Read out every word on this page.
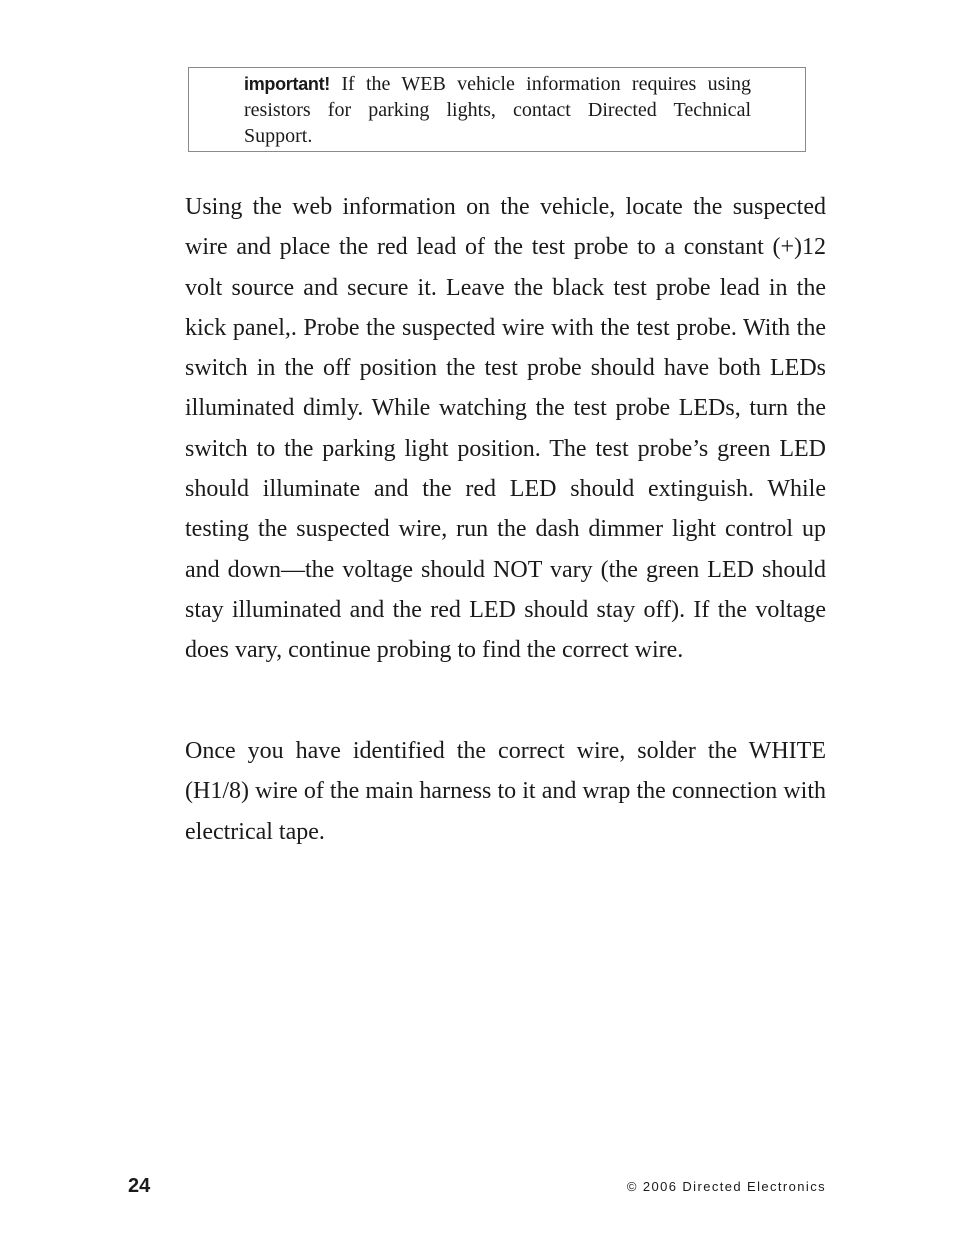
important! If the WEB vehicle information requires using resistors for parking lights, contact Directed Technical Support.
Using the web information on the vehicle, locate the suspected wire and place the red lead of the test probe to a constant (+)12 volt source and secure it. Leave the black test probe lead in the kick panel,. Probe the suspected wire with the test probe. With the switch in the off position the test probe should have both LEDs illuminated dimly. While watching the test probe LEDs, turn the switch to the parking light position. The test probe’s green LED should illuminate and the red LED should extinguish. While testing the suspected wire, run the dash dimmer light control up and down—the voltage should NOT vary (the green LED should stay illuminated and the red LED should stay off). If the voltage does vary, continue probing to find the correct wire.
Once you have identified the correct wire, solder the WHITE (H1/8) wire of the main harness to it and wrap the connection with electrical tape.
24	© 2006 Directed Electronics
